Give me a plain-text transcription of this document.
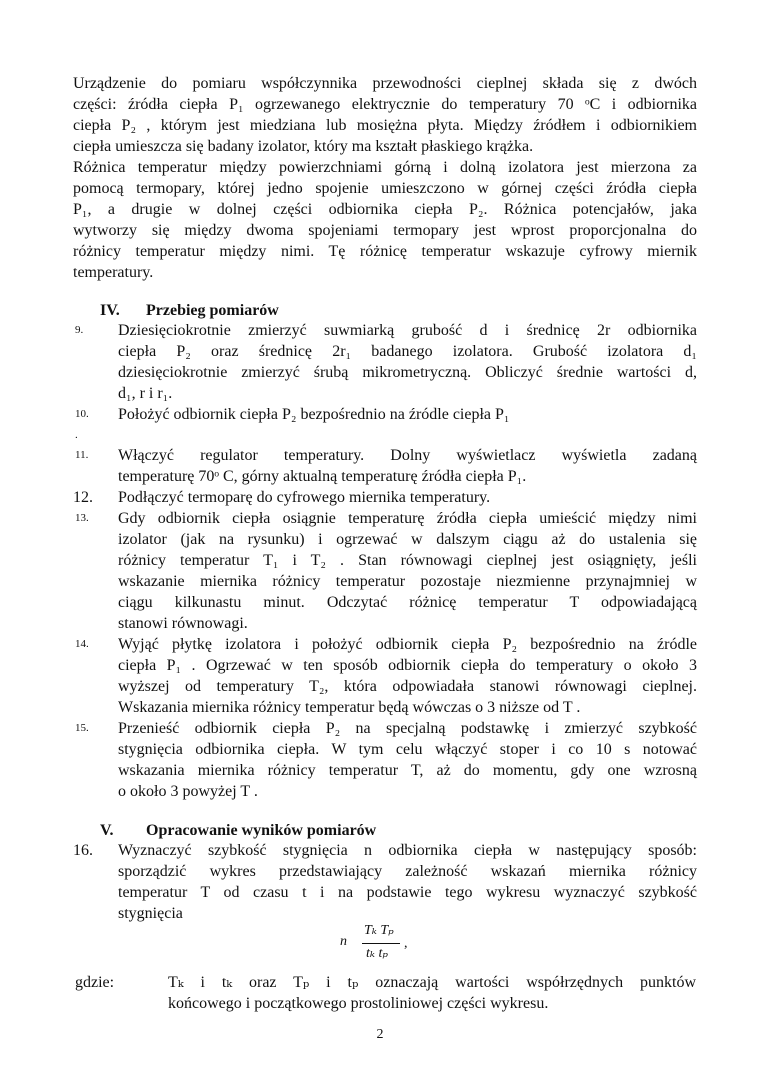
Urządzenie do pomiaru współczynnika przewodności cieplnej składa się z dwóch
części: źródła ciepła P₁ ogrzewanego elektrycznie do temperatury 70 ᵒC i odbiornika
ciepła P₂ , którym jest miedziana lub mosiężna płyta. Między źródłem i odbiornikiem
ciepła umieszcza się badany izolator, który ma kształt płaskiego krążka.
Różnica temperatur między powierzchniami górną i dolną izolatora jest mierzona za
pomocą termopary, której jedno spojenie umieszczono w górnej części źródła ciepła
P₁, a drugie w dolnej części odbiornika ciepła P₂. Różnica potencjałów, jaka
wytworzy się między dwoma spojeniami termopary jest wprost proporcjonalna do
różnicy temperatur między nimi. Tę różnicę temperatur wskazuje cyfrowy miernik
temperatury.
IV. Przebieg pomiarów
9. Dziesięciokrotnie zmierzyć suwmiarką grubość d i średnicę 2r odbiornika
ciepła P₂ oraz średnicę 2r₁ badanego izolatora. Grubość izolatora d₁
dziesięciokrotnie zmierzyć śrubą mikrometryczną. Obliczyć średnie wartości d,
d₁, r i r₁.
10. Położyć odbiornik ciepła P₂ bezpośrednio na źródle ciepła P₁
.
11. Włączyć regulator temperatury. Dolny wyświetlacz wyświetla zadaną
temperaturę 70ᵒ C, górny aktualną temperaturę źródła ciepła P₁.
12. Podłączyć termoparę do cyfrowego miernika temperatury.
13. Gdy odbiornik ciepła osiągnie temperaturę źródła ciepła umieścić między nimi
izolator (jak na rysunku) i ogrzewać w dalszym ciągu aż do ustalenia się
różnicy temperatur T₁ i T₂ . Stan równowagi cieplnej jest osiągnięty, jeśli
wskazanie miernika różnicy temperatur pozostaje niezmienne przynajmniej w
ciągu kilkunastu minut. Odczytać różnicę temperatur T odpowiadającą
stanowi równowagi.
14. Wyjąć płytkę izolatora i położyć odbiornik ciepła P₂ bezpośrednio na źródle
ciepła P₁ . Ogrzewać w ten sposób odbiornik ciepła do temperatury o około 3
wyższej od temperatury T₂, która odpowiadała stanowi równowagi cieplnej.
Wskazania miernika różnicy temperatur będą wówczas o 3 niższe od T .
15. Przenieść odbiornik ciepła P₂ na specjalną podstawkę i zmierzyć szybkość
stygnięcia odbiornika ciepła. W tym celu włączyć stoper i co 10 s notować
wskazania miernika różnicy temperatur T, aż do momentu, gdy one wzrosną
o około 3 powyżej T .
V. Opracowanie wyników pomiarów
16. Wyznaczyć szybkość stygnięcia n odbiornika ciepła w następujący sposób:
sporządzić wykres przedstawiający zależność wskazań miernika różnicy
temperatur T od czasu t i na podstawie tego wykresu wyznaczyć szybkość
stygnięcia
n
Tₖ Tₚ
tₖ tₚ
,
gdzie:	Tₖ i tₖ oraz Tₚ i tₚ oznaczają wartości współrzędnych punktów
końcowego i początkowego prostoliniowej części wykresu.
2
